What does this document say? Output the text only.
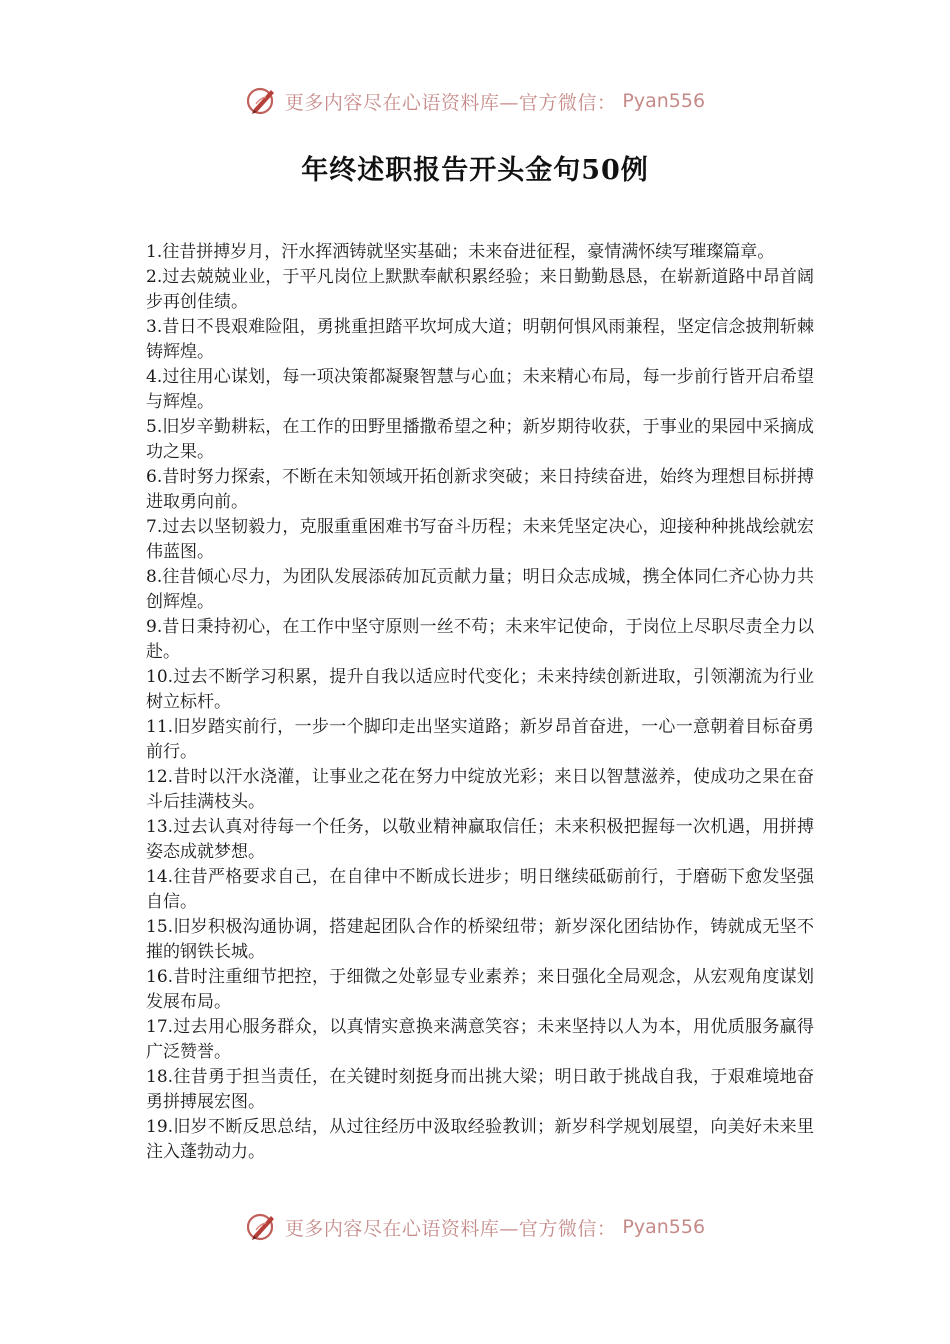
更多内容尽在心语资料库—官方微信： Pyan556
年终述职报告开头金句50例
1.往昔拼搏岁月，汗水挥洒铸就坚实基础；未来奋进征程，豪情满怀续写璀璨篇章。
2.过去兢兢业业，于平凡岗位上默默奉献积累经验；来日勤勤恳恳，在崭新道路中昂首阔步再创佳绩。
3.昔日不畏艰难险阻，勇挑重担踏平坎坷成大道；明朝何惧风雨兼程，坚定信念披荆斩棘铸辉煌。
4.过往用心谋划，每一项决策都凝聚智慧与心血；未来精心布局，每一步前行皆开启希望与辉煌。
5.旧岁辛勤耕耘，在工作的田野里播撒希望之种；新岁期待收获，于事业的果园中采摘成功之果。
6.昔时努力探索，不断在未知领域开拓创新求突破；来日持续奋进，始终为理想目标拼搏进取勇向前。
7.过去以坚韧毅力，克服重重困难书写奋斗历程；未来凭坚定决心，迎接种种挑战绘就宏伟蓝图。
8.往昔倾心尽力，为团队发展添砖加瓦贡献力量；明日众志成城，携全体同仁齐心协力共创辉煌。
9.昔日秉持初心，在工作中坚守原则一丝不苟；未来牢记使命，于岗位上尽职尽责全力以赴。
10.过去不断学习积累，提升自我以适应时代变化；未来持续创新进取，引领潮流为行业树立标杆。
11.旧岁踏实前行，一步一个脚印走出坚实道路；新岁昂首奋进，一心一意朝着目标奋勇前行。
12.昔时以汗水浇灌，让事业之花在努力中绽放光彩；来日以智慧滋养，使成功之果在奋斗后挂满枝头。
13.过去认真对待每一个任务，以敬业精神赢取信任；未来积极把握每一次机遇，用拼搏姿态成就梦想。
14.往昔严格要求自己，在自律中不断成长进步；明日继续砥砺前行，于磨砺下愈发坚强自信。
15.旧岁积极沟通协调，搭建起团队合作的桥梁纽带；新岁深化团结协作，铸就成无坚不摧的钢铁长城。
16.昔时注重细节把控，于细微之处彰显专业素养；来日强化全局观念，从宏观角度谋划发展布局。
17.过去用心服务群众，以真情实意换来满意笑容；未来坚持以人为本，用优质服务赢得广泛赞誉。
18.往昔勇于担当责任，在关键时刻挺身而出挑大梁；明日敢于挑战自我，于艰难境地奋勇拼搏展宏图。
19.旧岁不断反思总结，从过往经历中汲取经验教训；新岁科学规划展望，向美好未来里注入蓬勃动力。
更多内容尽在心语资料库—官方微信： Pyan556
